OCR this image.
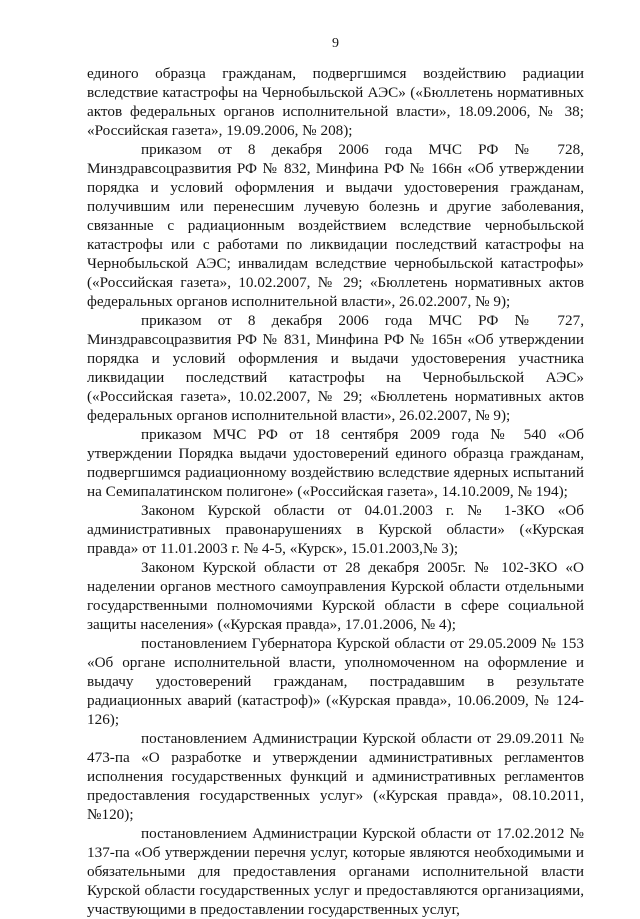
9

единого образца гражданам, подвергшимся воздействию радиации вследствие катастрофы на Чернобыльской АЭС» («Бюллетень нормативных актов федеральных органов исполнительной власти», 18.09.2006, № 38; «Российская газета», 19.09.2006, № 208);

приказом от 8 декабря 2006 года МЧС РФ № 728, Минздравсоцразвития РФ № 832, Минфина РФ № 166н «Об утверждении порядка и условий оформления и выдачи удостоверения гражданам, получившим или перенесшим лучевую болезнь и другие заболевания, связанные с радиационным воздействием вследствие чернобыльской катастрофы или с работами по ликвидации последствий катастрофы на Чернобыльской АЭС; инвалидам вследствие чернобыльской катастрофы» («Российская газета», 10.02.2007, № 29; «Бюллетень нормативных актов федеральных органов исполнительной власти», 26.02.2007, № 9);

приказом от 8 декабря 2006 года МЧС РФ № 727, Минздравсоцразвития РФ № 831, Минфина РФ № 165н «Об утверждении порядка и условий оформления и выдачи удостоверения участника ликвидации последствий катастрофы на Чернобыльской АЭС» («Российская газета», 10.02.2007, № 29; «Бюллетень нормативных актов федеральных органов исполнительной власти», 26.02.2007, № 9);

приказом МЧС РФ от 18 сентября 2009 года № 540 «Об утверждении Порядка выдачи удостоверений единого образца гражданам, подвергшимся радиационному воздействию вследствие ядерных испытаний на Семипалатинском полигоне» («Российская газета», 14.10.2009, № 194);

Законом Курской области от 04.01.2003 г. № 1-ЗКО «Об административных правонарушениях в Курской области» («Курская правда» от 11.01.2003 г. № 4-5, «Курск», 15.01.2003,№ 3);

Законом Курской области от 28 декабря 2005г. № 102-ЗКО «О наделении органов местного самоуправления Курской области отдельными государственными полномочиями Курской области в сфере социальной защиты населения» («Курская правда», 17.01.2006, № 4);

постановлением Губернатора Курской области от 29.05.2009 № 153 «Об органе исполнительной власти, уполномоченном на оформление и выдачу удостоверений гражданам, пострадавшим в результате радиационных аварий (катастроф)» («Курская правда», 10.06.2009, № 124-126);

постановлением Администрации Курской области от 29.09.2011 № 473-па «О разработке и утверждении административных регламентов исполнения государственных функций и административных регламентов предоставления государственных услуг» («Курская правда», 08.10.2011, №120);

постановлением Администрации Курской области от 17.02.2012 № 137-па «Об утверждении перечня услуг, которые являются необходимыми и обязательными для предоставления органами исполнительной власти Курской области государственных услуг и предоставляются организациями, участвующими в предоставлении государственных услуг,
